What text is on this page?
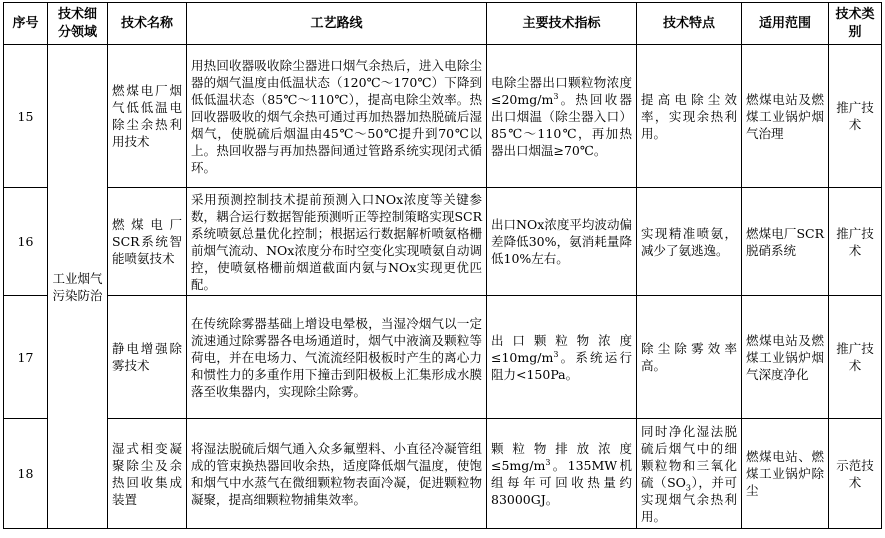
序号	技术细分领域	技术名称	工艺路线	主要技术指标	技术特点	适用范围	技术类别
15	工业烟气污染防治	燃煤电厂烟气低低温电除尘余热利用技术	用热回收器吸收除尘器进口烟气余热后，进入电除尘器的烟气温度由低温状态（120℃～170℃）下降到低低温状态（85℃～110℃），提高电除尘效率。热回收器吸收的烟气余热可通过再加热器加热脱硫后湿烟气，使脱硫后烟温由45℃～50℃提升到70℃以上。热回收器与再加热器间通过管路系统实现闭式循环。	电除尘器出口颗粒物浓度$\le 20mg/m^3$。热回收器出口烟温（除尘器入口）85℃～110℃，再加热器出口烟温≥70℃。	提高电除尘效率，实现余热利用。	燃煤电站及燃煤工业锅炉烟气治理	推广技术
16		燃煤电厂SCR系统智能喷氨技术	采用预测控制技术提前预测入口NOx浓度等关键参数，耦合运行数据智能预测听正等控制策略实现SCR系统喷氨总量优化控制；根据运行数据解析喷氨格栅前烟气流动、NOx浓度分布时空变化实现喷氨自动调控，使喷氨格栅前烟道截面内氨与NOx实现更优匹配。	出口NOx浓度平均波动偏差降低30%，氨消耗量降低10%左右。	实现精准喷氨，减少了氨逃逸。	燃煤电厂SCR脱硝系统	推广技术
17		静电增强除雾技术	在传统除雾器基础上增设电晕极，当湿冷烟气以一定流速通过除雾器各电场通道时，烟气中液滴及颗粒等荷电，并在电场力、气流流经阳极板时产生的离心力和惯性力的多重作用下撞击到阳极板上汇集形成水膜落至收集器内，实现除尘除雾。	出口颗粒物浓度$\le 10mg/m^3$。系统运行阻力<150Pa。	除尘除雾效率高。	燃煤电站及燃煤工业锅炉烟气深度净化	推广技术
18		湿式相变凝聚除尘及余热回收集成装置	将湿法脱硫后烟气通入众多氟塑料、小直径冷凝管组成的管束换热器回收余热，适度降低烟气温度，使饱和烟气中水蒸气在微细颗粒物表面冷凝，促进颗粒物凝聚，提高细颗粒物捕集效率。	颗粒物排放浓度$\le 5mg/m^3$。135MW机组每年可回收热量约83000GJ。	同时净化湿法脱硫后烟气中的细颗粒物和三氧化硫$(SO_3)$，并可实现烟气余热利用。	燃煤电站、燃煤工业锅炉除尘	示范技术
